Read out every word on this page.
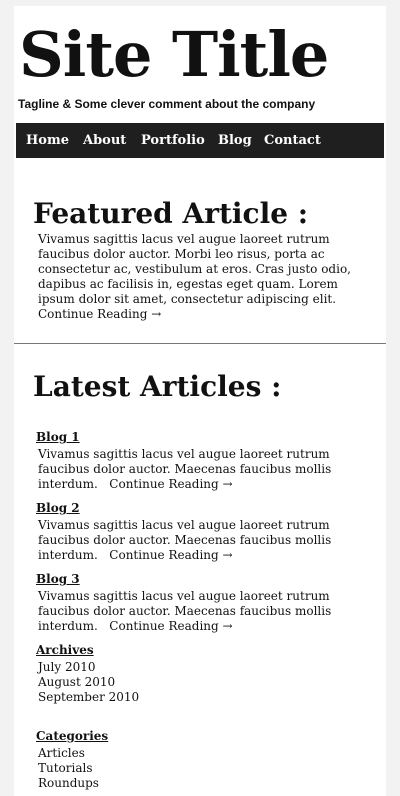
Site Title

Tagline & Some clever comment about the company

Home About Portfolio Blog Contact
Featured Article :

Vivamus sagittis lacus vel augue laoreet rutrum faucibus dolor auctor. Morbi leo risus, porta ac consectetur ac, vestibulum at eros. Cras justo odio, dapibus ac facilisis in, egestas eget quam. Lorem ipsum dolor sit amet, consectetur adipiscing elit.
Continue Reading →

Latest Articles :
Blog 1

Vivamus sagittis lacus vel augue laoreet rutrum faucibus dolor auctor. Maecenas faucibus mollis interdum. Continue Reading →

Blog 2

Vivamus sagittis lacus vel augue laoreet rutrum faucibus dolor auctor. Maecenas faucibus mollis interdum. Continue Reading →

Blog 3

Vivamus sagittis lacus vel augue laoreet rutrum faucibus dolor auctor. Maecenas faucibus mollis interdum. Continue Reading →

Archives
July 2010
August 2010
September 2010
Categories
Articles
Tutorials
Roundups
